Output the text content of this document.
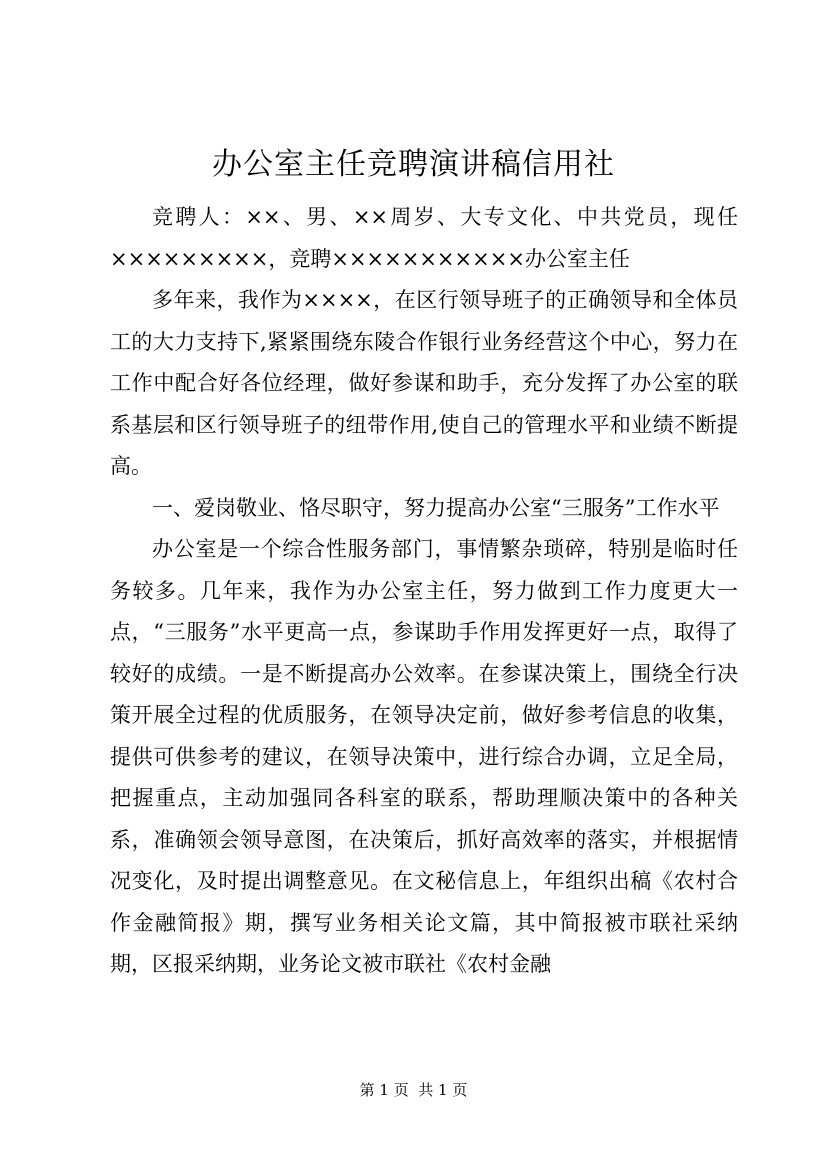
办公室主任竞聘演讲稿信用社

竞聘人：××、男、××周岁、大专文化、中共党员，现任×××××××××，竞聘×××××××××××办公室主任

多年来，我作为××××，在区行领导班子的正确领导和全体员工的大力支持下,紧紧围绕东陵合作银行业务经营这个中心，努力在工作中配合好各位经理，做好参谋和助手，充分发挥了办公室的联系基层和区行领导班子的纽带作用,使自己的管理水平和业绩不断提高。

一、爱岗敬业、恪尽职守，努力提高办公室“三服务”工作水平

办公室是一个综合性服务部门，事情繁杂琐碎，特别是临时任务较多。几年来，我作为办公室主任，努力做到工作力度更大一点，“三服务”水平更高一点，参谋助手作用发挥更好一点，取得了较好的成绩。一是不断提高办公效率。在参谋决策上，围绕全行决策开展全过程的优质服务，在领导决定前，做好参考信息的收集，提供可供参考的建议，在领导决策中，进行综合办调，立足全局，把握重点，主动加强同各科室的联系，帮助理顺决策中的各种关系，准确领会领导意图，在决策后，抓好高效率的落实，并根据情况变化，及时提出调整意见。在文秘信息上，年组织出稿《农村合作金融简报》期，撰写业务相关论文篇，其中简报被市联社采纳期，区报采纳期，业务论文被市联社《农村金融

第 1 页  共 1 页
